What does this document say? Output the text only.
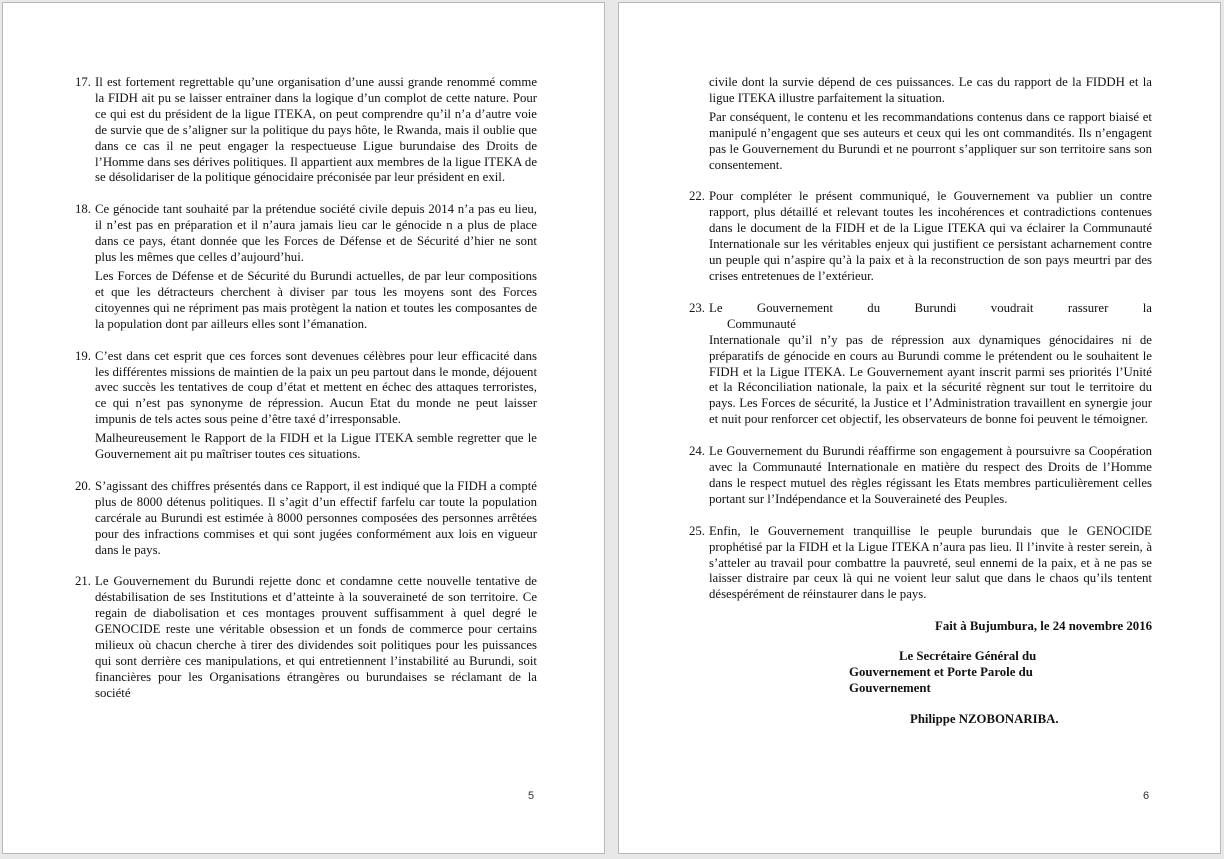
17. Il est fortement regrettable qu’une organisation d’une aussi grande renommé comme la FIDH ait pu se laisser entrainer dans la logique d’un complot de cette nature. Pour ce qui est du président de la ligue ITEKA, on peut comprendre qu’il n’a d’autre voie de survie que de s’aligner sur la politique du pays hôte, le Rwanda, mais il oublie que dans ce cas il ne peut engager la respectueuse Ligue burundaise des Droits de l’Homme dans ses dérives politiques. Il appartient aux membres de la ligue ITEKA de se désolidariser de la politique génocidaire préconisée par leur président en exil.

18. Ce génocide tant souhaité par la prétendue société civile depuis 2014 n’a pas eu lieu, il n’est pas en préparation et il n’aura jamais lieu car le génocide n a plus de place dans ce pays, étant donnée que les Forces de Défense et de Sécurité d’hier ne sont plus les mêmes que celles d’aujourd’hui.

Les Forces de Défense et de Sécurité du Burundi actuelles, de par leur compositions et que les détracteurs cherchent à diviser par tous les moyens sont des Forces citoyennes qui ne répriment pas mais protègent la nation et toutes les composantes de la population dont par ailleurs elles sont l’émanation.

19. C’est dans cet esprit que ces forces sont devenues célèbres pour leur efficacité dans les différentes missions de maintien de la paix un peu partout dans le monde, déjouent avec succès les tentatives de coup d’état et mettent en échec des attaques terroristes, ce qui n’est pas synonyme de répression. Aucun Etat du monde ne peut laisser impunis de tels actes sous peine d’être taxé d’irresponsable.

Malheureusement le Rapport de la FIDH et la Ligue ITEKA semble regretter que le Gouvernement ait pu maîtriser toutes ces situations.

20. S’agissant des chiffres présentés dans ce Rapport, il est indiqué que la FIDH a compté plus de 8000 détenus politiques. Il s’agit d’un effectif farfelu car toute la population carcérale au Burundi est estimée à 8000 personnes composées des personnes arrêtées pour des infractions commises et qui sont jugées conformément aux lois en vigueur dans le pays.

21. Le Gouvernement du Burundi rejette donc et condamne cette nouvelle tentative de déstabilisation de ses Institutions et d’atteinte à la souveraineté de son territoire. Ce regain de diabolisation et ces montages prouvent suffisamment à quel degré le GENOCIDE reste une véritable obsession et un fonds de commerce pour certains milieux où chacun cherche à tirer des dividendes soit politiques pour les puissances qui sont derrière ces manipulations, et qui entretiennent l’instabilité au Burundi, soit financières pour les Organisations étrangères ou burundaises se réclamant de la société

5

civile dont la survie dépend de ces puissances. Le cas du rapport de la FIDDH et la ligue ITEKA illustre parfaitement la situation.

Par conséquent, le contenu et les recommandations contenus dans ce rapport biaisé et manipulé n’engagent que ses auteurs et ceux qui les ont commandités. Ils n’engagent pas le Gouvernement du Burundi et ne pourront s’appliquer sur son territoire sans son consentement.

22. Pour compléter le présent communiqué, le Gouvernement va publier un contre rapport, plus détaillé et relevant toutes les incohérences et contradictions contenues dans le document de la FIDH et de la Ligue ITEKA qui va éclairer la Communauté Internationale sur les véritables enjeux qui justifient ce persistant acharnement contre un peuple qui n’aspire qu’à la paix et à la reconstruction de son pays meurtri par des crises entretenues de l’extérieur.

23. Le	Gouvernement	du	Burundi	voudrait	rassurer	la
Communauté

Internationale qu’il n’y pas de répression aux dynamiques génocidaires ni de préparatifs de génocide en cours au Burundi comme le prétendent ou le souhaitent le FIDH et la Ligue ITEKA. Le Gouvernement ayant inscrit parmi ses priorités l’Unité et la Réconciliation nationale, la paix et la sécurité règnent sur tout le territoire du pays. Les Forces de sécurité, la Justice et l’Administration travaillent en synergie jour et nuit pour renforcer cet objectif, les observateurs de bonne foi peuvent le témoigner.

24. Le Gouvernement du Burundi réaffirme son engagement à poursuivre sa Coopération avec la Communauté Internationale en matière du respect des Droits de l’Homme dans le respect mutuel des règles régissant les Etats membres particulièrement celles portant sur l’Indépendance et la Souveraineté des Peuples.

25. Enfin, le Gouvernement tranquillise le peuple burundais que le GENOCIDE prophétisé par la FIDH et la Ligue ITEKA n’aura pas lieu. Il l’invite à rester serein, à s’atteler au travail pour combattre la pauvreté, seul ennemi de la paix, et à ne pas se laisser distraire par ceux là qui ne voient leur salut que dans le chaos qu’ils tentent désespérément de réinstaurer dans le pays.

Fait à Bujumbura, le 24 novembre 2016
Le Secrétaire Général du
Gouvernement et Porte Parole du
Gouvernement
Philippe NZOBONARIBA.
6
